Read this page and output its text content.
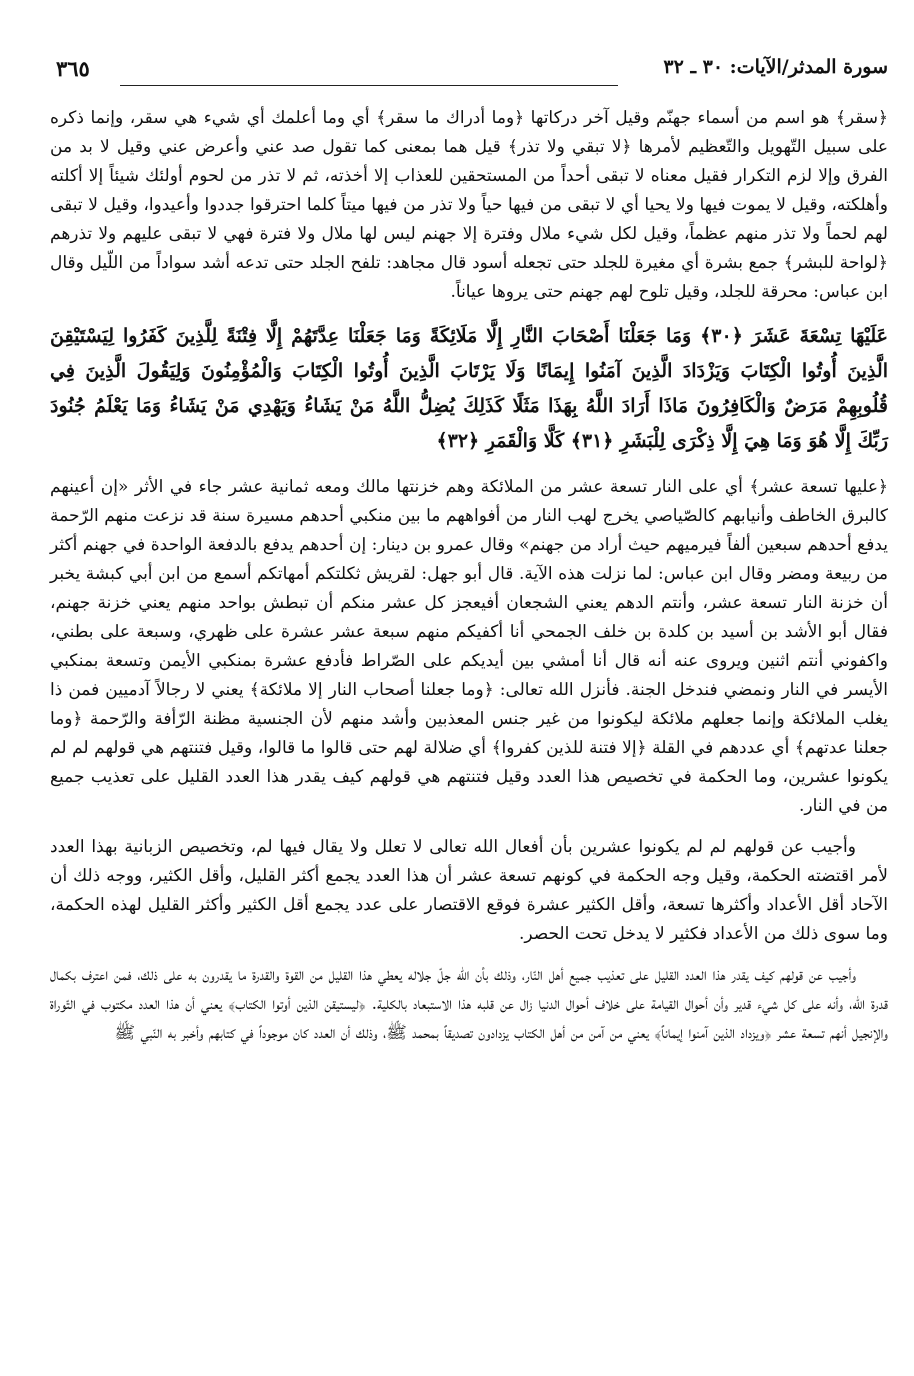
سورة المدثر/الآيات: ٣٠ ـ ٣٢
٣٦٥

﴿سقر﴾ هو اسم من أسماء جهنّم وقيل آخر دركاتها ﴿وما أدراك ما سقر﴾ أي وما أعلمك أي شيء هي سقر، وإنما ذكره على سبيل التّهويل والتّعظيم لأمرها ﴿لا تبقي ولا تذر﴾ قيل هما بمعنى كما تقول صد عني وأعرض عني وقيل لا بد من الفرق وإلا لزم التكرار فقيل معناه لا تبقى أحداً من المستحقين للعذاب إلا أخذته، ثم لا تذر من لحوم أولئك شيئاً إلا أكلته وأهلكته، وقيل لا يموت فيها ولا يحيا أي لا تبقى من فيها حياً ولا تذر من فيها ميتاً كلما احترقوا جددوا وأعيدوا، وقيل لا تبقى لهم لحماً ولا تذر منهم عظماً، وقيل لكل شيء ملال وفترة إلا جهنم ليس لها ملال ولا فترة فهي لا تبقى عليهم ولا تذرهم ﴿لواحة للبشر﴾ جمع بشرة أي مغيرة للجلد حتى تجعله أسود قال مجاهد: تلفح الجلد حتى تدعه أشد سواداً من اللّيل وقال ابن عباس: محرقة للجلد، وقيل تلوح لهم جهنم حتى يروها عياناً.

عَلَيْهَا تِسْعَةَ عَشَرَ ﴿٣٠﴾ وَمَا جَعَلْنَا أَصْحَابَ النَّارِ إِلَّا مَلَائِكَةً وَمَا جَعَلْنَا عِدَّتَهُمْ إِلَّا فِتْنَةً لِلَّذِينَ كَفَرُوا لِيَسْتَيْقِنَ الَّذِينَ أُوتُوا الْكِتَابَ وَيَزْدَادَ الَّذِينَ آمَنُوا إِيمَانًا وَلَا يَرْتَابَ الَّذِينَ أُوتُوا الْكِتَابَ وَالْمُؤْمِنُونَ وَلِيَقُولَ الَّذِينَ فِي قُلُوبِهِمْ مَرَضٌ وَالْكَافِرُونَ مَاذَا أَرَادَ اللَّهُ بِهَذَا مَثَلًا كَذَلِكَ يُضِلُّ اللَّهُ مَنْ يَشَاءُ وَيَهْدِي مَنْ يَشَاءُ وَمَا يَعْلَمُ جُنُودَ رَبِّكَ إِلَّا هُوَ وَمَا هِيَ إِلَّا ذِكْرَى لِلْبَشَرِ ﴿٣١﴾ كَلَّا وَالْقَمَرِ ﴿٣٢﴾

﴿عليها تسعة عشر﴾ أي على النار تسعة عشر من الملائكة وهم خزنتها مالك ومعه ثمانية عشر جاء في الأثر «إن أعينهم كالبرق الخاطف وأنيابهم كالصّياصي يخرج لهب النار من أفواههم ما بين منكبي أحدهم مسيرة سنة قد نزعت منهم الرّحمة يدفع أحدهم سبعين ألفاً فيرميهم حيث أراد من جهنم» وقال عمرو بن دينار: إن أحدهم يدفع بالدفعة الواحدة في جهنم أكثر من ربيعة ومضر وقال ابن عباس: لما نزلت هذه الآية. قال أبو جهل: لقريش ثكلتكم أمهاتكم أسمع من ابن أبي كبشة يخبر أن خزنة النار تسعة عشر، وأنتم الدهم يعني الشجعان أفيعجز كل عشر منكم أن تبطش بواحد منهم يعني خزنة جهنم، فقال أبو الأشد بن أسيد بن كلدة بن خلف الجمحي أنا أكفيكم منهم سبعة عشر عشرة على ظهري، وسبعة على بطني، واكفوني أنتم اثنين ويروى عنه أنه قال أنا أمشي بين أيديكم على الصّراط فأدفع عشرة بمنكبي الأيمن وتسعة بمنكبي الأيسر في النار ونمضي فندخل الجنة. فأنزل الله تعالى: ﴿وما جعلنا أصحاب النار إلا ملائكة﴾ يعني لا رجالاً آدميين فمن ذا يغلب الملائكة وإنما جعلهم ملائكة ليكونوا من غير جنس المعذبين وأشد منهم لأن الجنسية مظنة الرّأفة والرّحمة ﴿وما جعلنا عدتهم﴾ أي عددهم في القلة ﴿إلا فتنة للذين كفروا﴾ أي ضلالة لهم حتى قالوا ما قالوا، وقيل فتنتهم هي قولهم لم لم يكونوا عشرين، وما الحكمة في تخصيص هذا العدد وقيل فتنتهم هي قولهم كيف يقدر هذا العدد القليل على تعذيب جميع من في النار.

وأجيب عن قولهم لم لم يكونوا عشرين بأن أفعال الله تعالى لا تعلل ولا يقال فيها لم، وتخصيص الزبانية بهذا العدد لأمر اقتضته الحكمة، وقيل وجه الحكمة في كونهم تسعة عشر أن هذا العدد يجمع أكثر القليل، وأقل الكثير، ووجه ذلك أن الآحاد أقل الأعداد وأكثرها تسعة، وأقل الكثير عشرة فوقع الاقتصار على عدد يجمع أقل الكثير وأكثر القليل لهذه الحكمة، وما سوى ذلك من الأعداد فكثير لا يدخل تحت الحصر.

وأجيب عن قولهم كيف يقدر هذا العدد القليل على تعذيب جميع أهل النّار، وذلك بأن الله جلّ جلاله يعطي هذا القليل من القوة والقدرة ما يقدرون به على ذلك، فمن اعترف بكمال قدرة الله، وأنه على كل شيء قدير وأن أحوال القيامة على خلاف أحوال الدنيا زال عن قلبه هذا الاستبعاد بالكلية. ﴿ليستيقن الذين أوتوا الكتاب﴾ يعني أن هذا العدد مكتوب في التّوراة والإنجيل أنهم تسعة عشر ﴿ويزداد الذين آمنوا إيماناً﴾ يعني من آمن من أهل الكتاب يزدادون تصديقاً بمحمد ﷺ، وذلك أن العدد كان موجوداً في كتابهم وأخبر به النّبي ﷺ
